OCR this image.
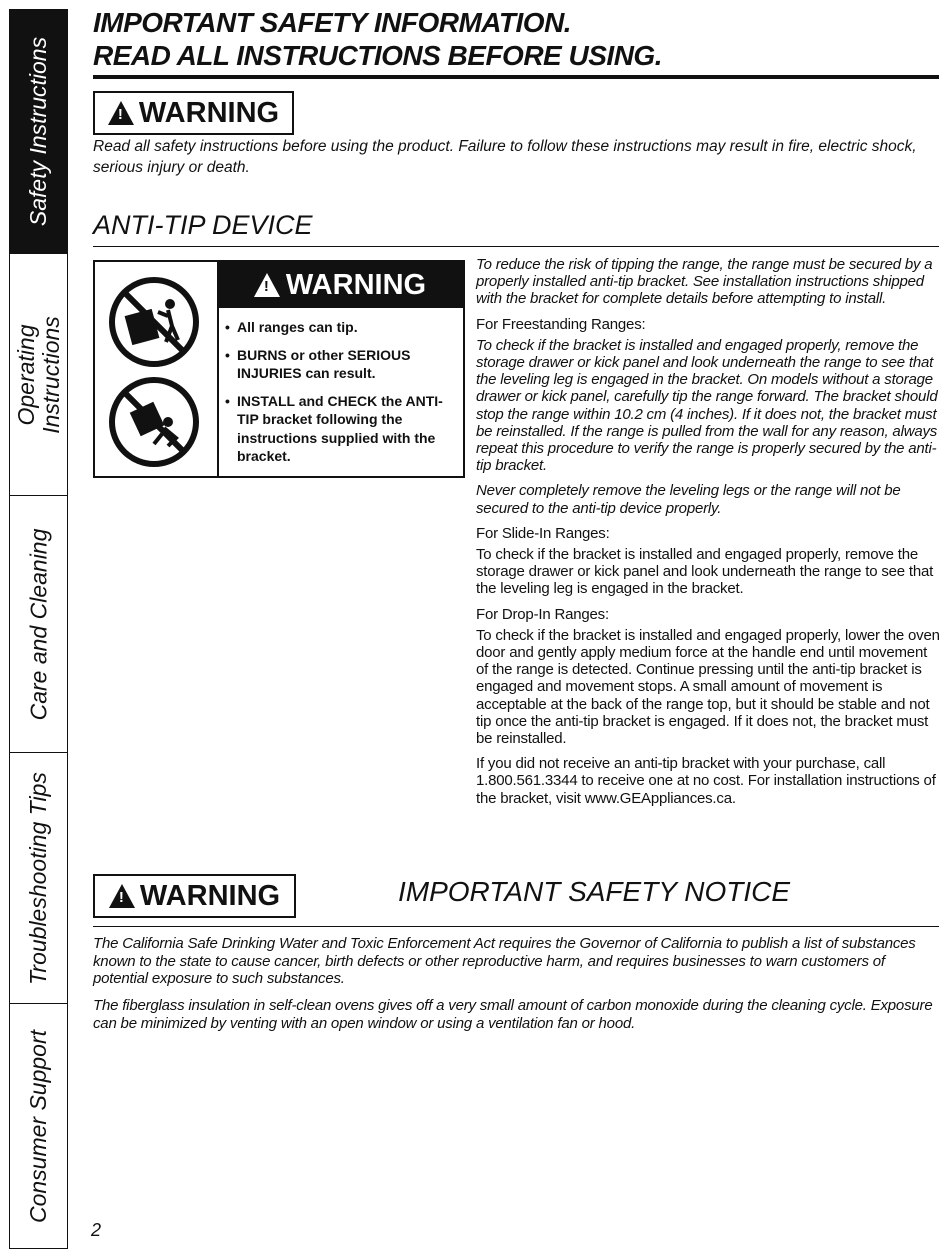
Safety Instructions
Operating
Instructions
Care and Cleaning
Troubleshooting Tips
Consumer Support
IMPORTANT SAFETY INFORMATION.
READ ALL INSTRUCTIONS BEFORE USING.
! WARNING
Read all safety instructions before using the product. Failure to follow these instructions may result in fire, electric shock, serious injury or death.
ANTI-TIP DEVICE
! WARNING
• All ranges can tip.
• BURNS or other SERIOUS INJURIES can result.
• INSTALL and CHECK the ANTI-TIP bracket following the instructions supplied with the bracket.

To reduce the risk of tipping the range, the range must be secured by a properly installed anti-tip bracket. See installation instructions shipped with the bracket for complete details before attempting to install.

For Freestanding Ranges:

To check if the bracket is installed and engaged properly, remove the storage drawer or kick panel and look underneath the range to see that the leveling leg is engaged in the bracket. On models without a storage drawer or kick panel, carefully tip the range forward. The bracket should stop the range within 10.2 cm (4 inches). If it does not, the bracket must be reinstalled. If the range is pulled from the wall for any reason, always repeat this procedure to verify the range is properly secured by the anti-tip bracket.

Never completely remove the leveling legs or the range will not be secured to the anti-tip device properly.

For Slide-In Ranges:

To check if the bracket is installed and engaged properly, remove the storage drawer or kick panel and look underneath the range to see that the leveling leg is engaged in the bracket.

For Drop-In Ranges:

To check if the bracket is installed and engaged properly, lower the oven door and gently apply medium force at the handle end until movement of the range is detected. Continue pressing until the anti-tip bracket is engaged and movement stops. A small amount of movement is acceptable at the back of the range top, but it should be stable and not tip once the anti-tip bracket is engaged. If it does not, the bracket must be reinstalled.

If you did not receive an anti-tip bracket with your purchase, call 1.800.561.3344 to receive one at no cost. For installation instructions of the bracket, visit www.GEAppliances.ca.

! WARNING	IMPORTANT SAFETY NOTICE

The California Safe Drinking Water and Toxic Enforcement Act requires the Governor of California to publish a list of substances known to the state to cause cancer, birth defects or other reproductive harm, and requires businesses to warn customers of potential exposure to such substances.

The fiberglass insulation in self-clean ovens gives off a very small amount of carbon monoxide during the cleaning cycle. Exposure can be minimized by venting with an open window or using a ventilation fan or hood.

2
